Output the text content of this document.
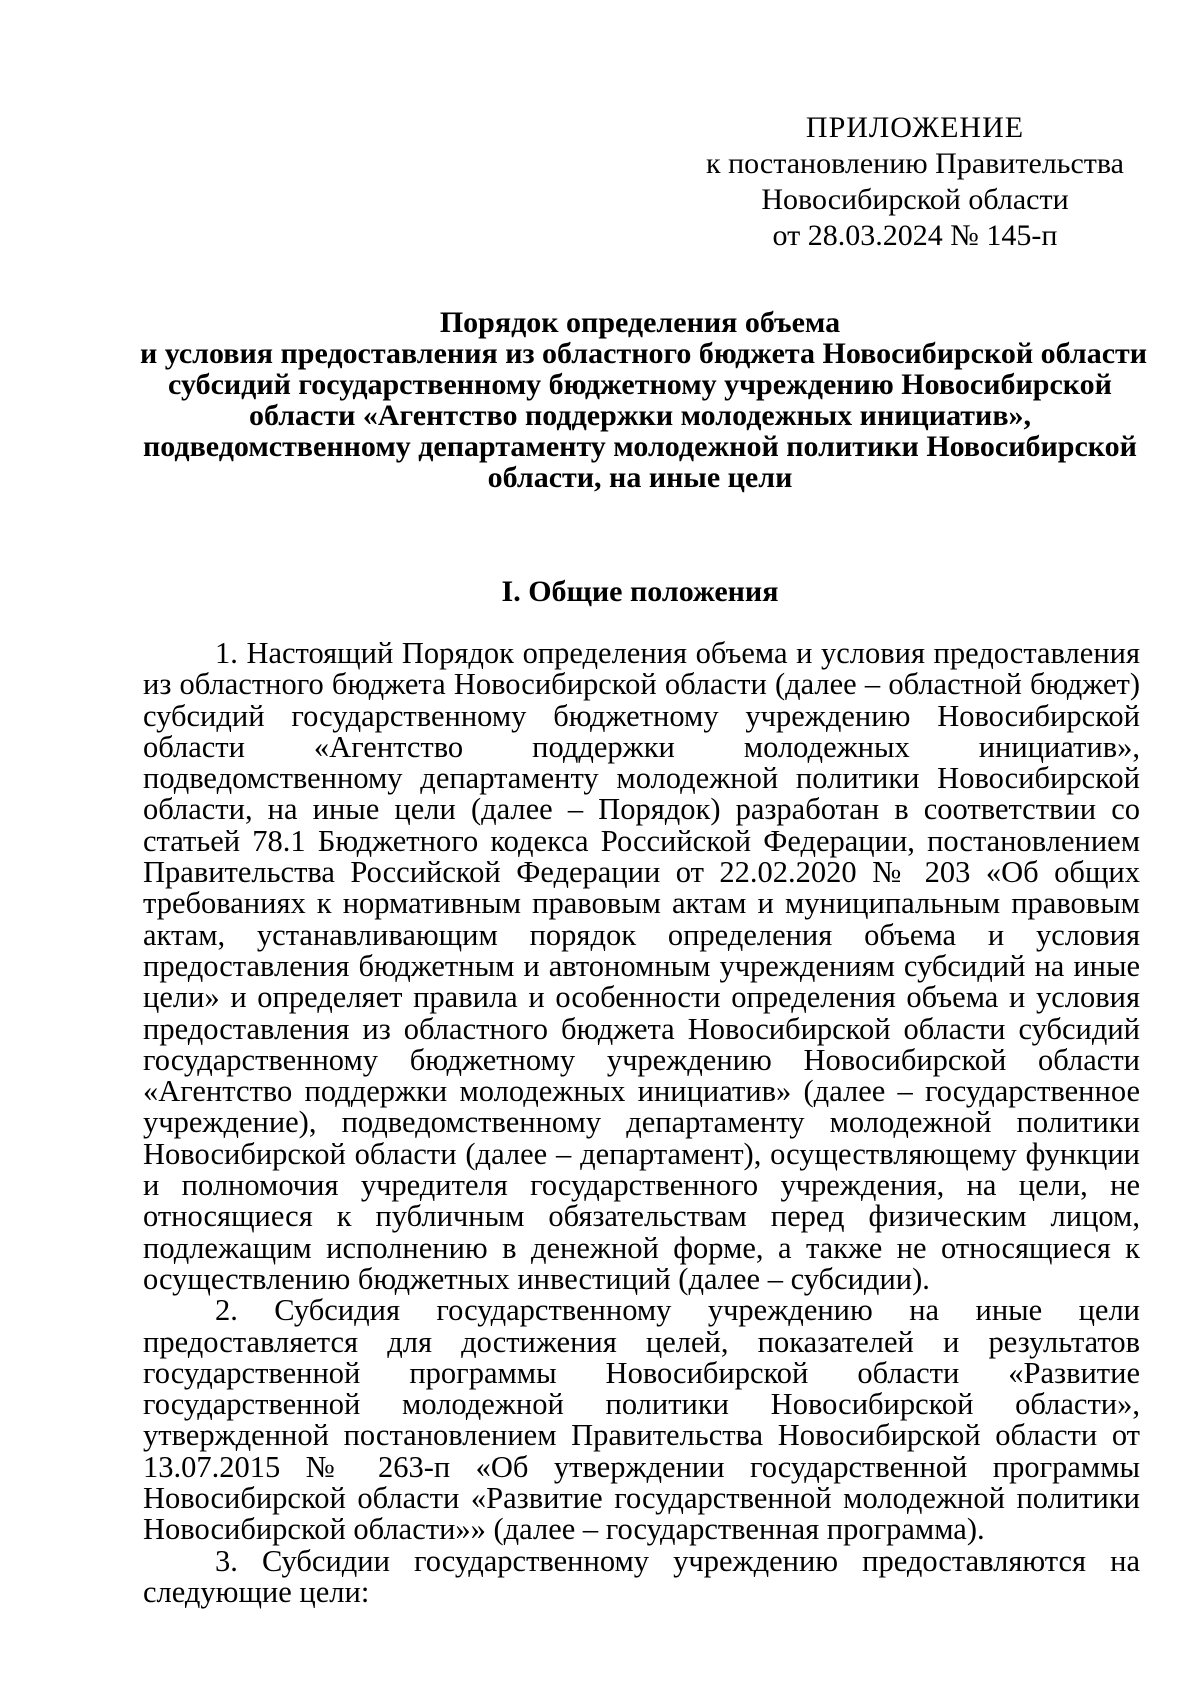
ПРИЛОЖЕНИЕ
к постановлению Правительства
Новосибирской области
от 28.03.2024 № 145-п
Порядок определения объема
и условия предоставления из областного бюджета Новосибирской области
субсидий государственному бюджетному учреждению Новосибирской
области «Агентство поддержки молодежных инициатив»,
подведомственному департаменту молодежной политики Новосибирской
области, на иные цели
I. Общие положения

1. Настоящий Порядок определения объема и условия предоставления из областного бюджета Новосибирской области (далее – областной бюджет) субсидий государственному бюджетному учреждению Новосибирской области «Агентство поддержки молодежных инициатив», подведомственному департаменту молодежной политики Новосибирской области, на иные цели (далее – Порядок) разработан в соответствии со статьей 78.1 Бюджетного кодекса Российской Федерации, постановлением Правительства Российской Федерации от 22.02.2020 № 203 «Об общих требованиях к нормативным правовым актам и муниципальным правовым актам, устанавливающим порядок определения объема и условия предоставления бюджетным и автономным учреждениям субсидий на иные цели» и определяет правила и особенности определения объема и условия предоставления из областного бюджета Новосибирской области субсидий государственному бюджетному учреждению Новосибирской области «Агентство поддержки молодежных инициатив» (далее – государственное учреждение), подведомственному департаменту молодежной политики Новосибирской области (далее – департамент), осуществляющему функции и полномочия учредителя государственного учреждения, на цели, не относящиеся к публичным обязательствам перед физическим лицом, подлежащим исполнению в денежной форме, а также не относящиеся к осуществлению бюджетных инвестиций (далее – субсидии).

2. Субсидия государственному учреждению на иные цели предоставляется для достижения целей, показателей и результатов государственной программы Новосибирской области «Развитие государственной молодежной политики Новосибирской области», утвержденной постановлением Правительства Новосибирской области от 13.07.2015 № 263-п «Об утверждении государственной программы Новосибирской области «Развитие государственной молодежной политики Новосибирской области»» (далее – государственная программа).

3. Субсидии государственному учреждению предоставляются на следующие цели:
